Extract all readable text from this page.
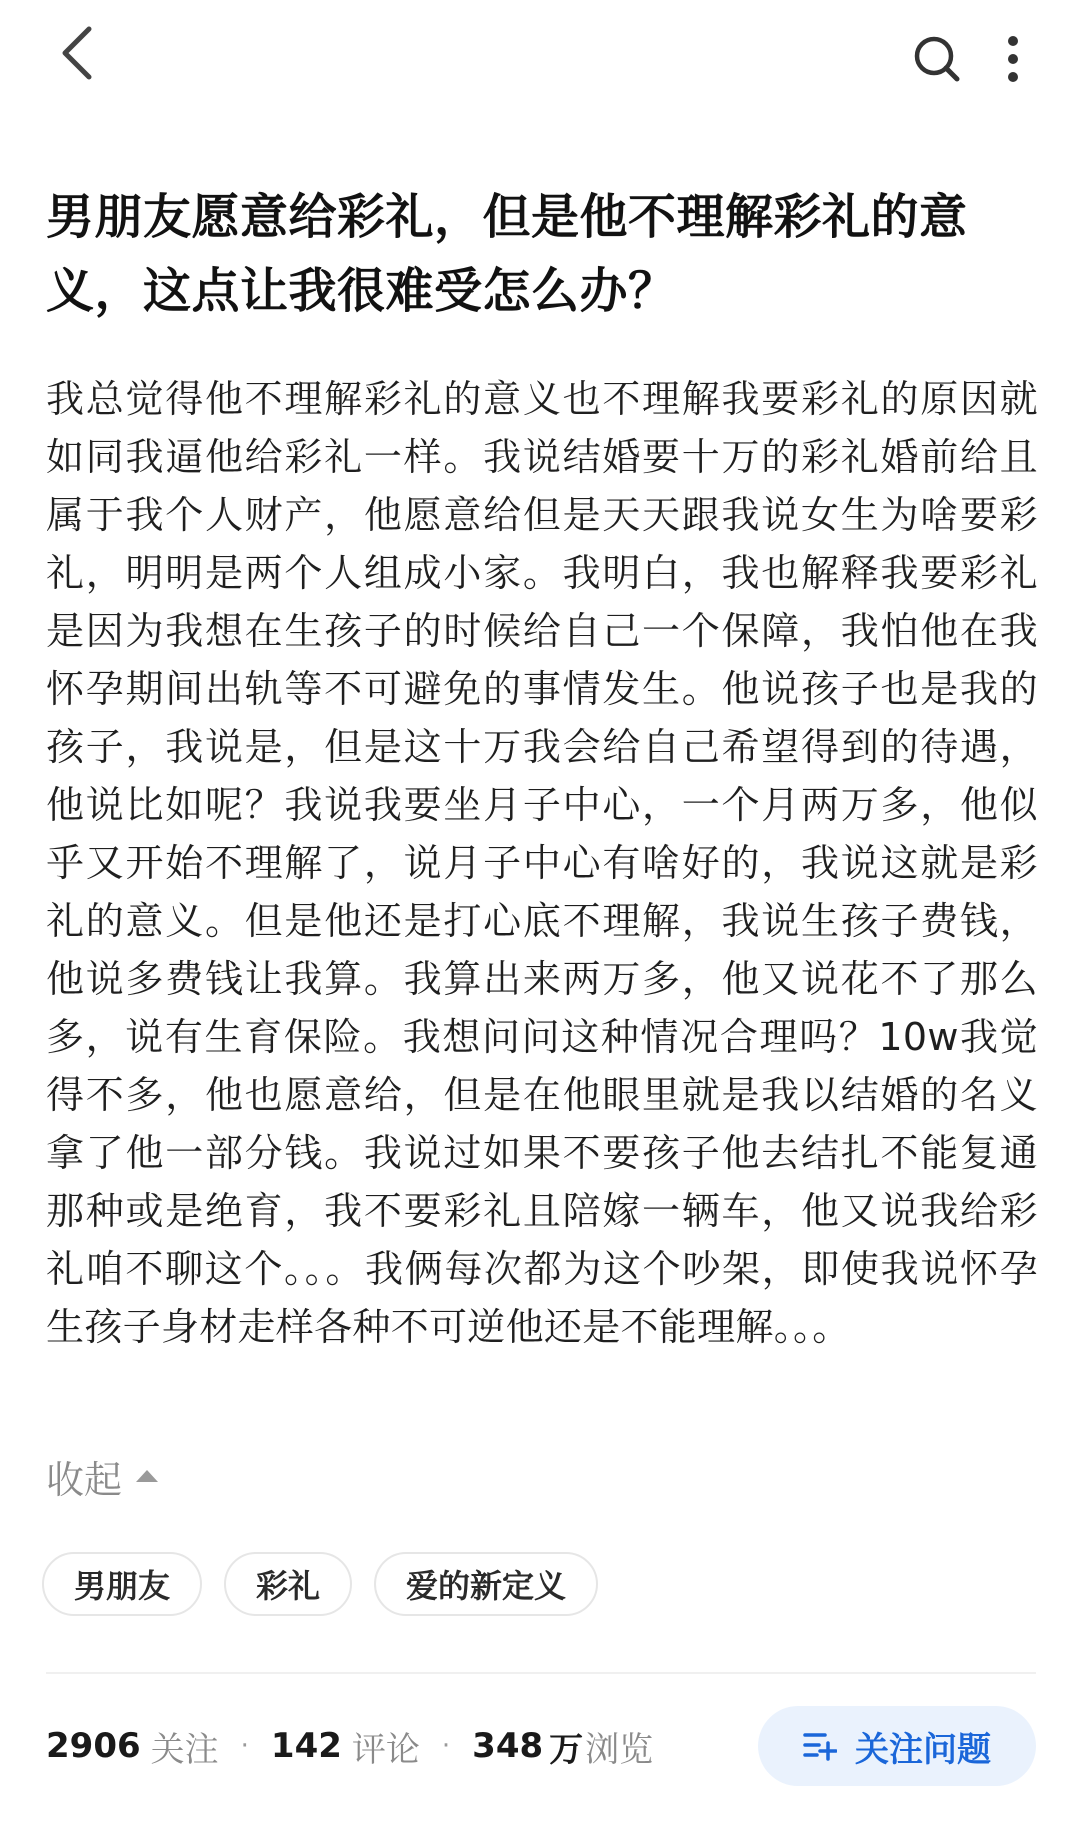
男朋友愿意给彩礼，但是他不理解彩礼的意义，这点让我很难受怎么办？

我总觉得他不理解彩礼的意义也不理解我要彩礼的原因就如同我逼他给彩礼一样。我说结婚要十万的彩礼婚前给且属于我个人财产，他愿意给但是天天跟我说女生为啥要彩礼，明明是两个人组成小家。我明白，我也解释我要彩礼是因为我想在生孩子的时候给自己一个保障，我怕他在我怀孕期间出轨等不可避免的事情发生。他说孩子也是我的孩子，我说是，但是这十万我会给自己希望得到的待遇，他说比如呢？我说我要坐月子中心，一个月两万多，他似乎又开始不理解了，说月子中心有啥好的，我说这就是彩礼的意义。但是他还是打心底不理解，我说生孩子费钱，他说多费钱让我算。我算出来两万多，他又说花不了那么多，说有生育保险。我想问问这种情况合理吗？10w我觉得不多，他也愿意给，但是在他眼里就是我以结婚的名义拿了他一部分钱。我说过如果不要孩子他去结扎不能复通那种或是绝育，我不要彩礼且陪嫁一辆车，他又说我给彩礼咱不聊这个。。。我俩每次都为这个吵架，即使我说怀孕生孩子身材走样各种不可逆他还是不能理解。。。

收起
男朋友	彩礼	爱的新定义
2906 关注 · 142 评论 · 348 万 浏览	关注问题
